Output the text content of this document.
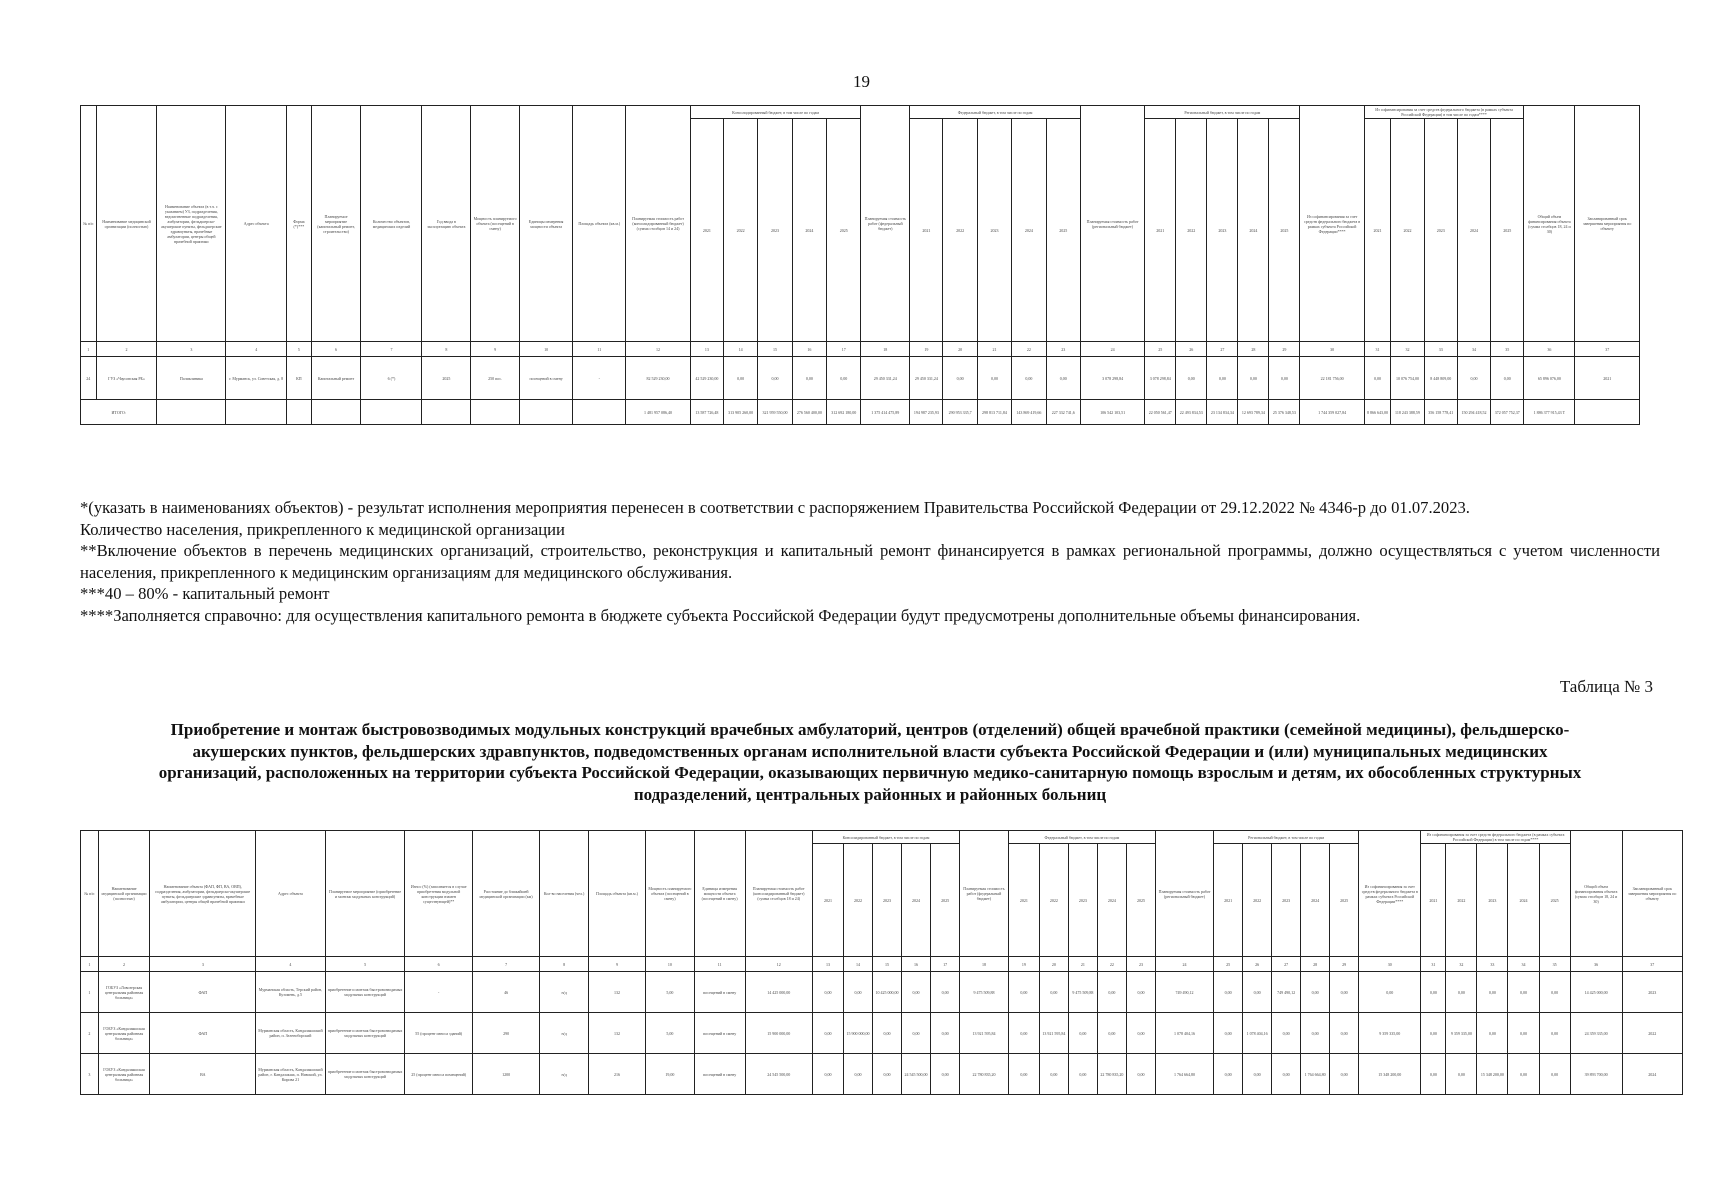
19
№ п/п	Наименование медицинской организации (полностью)	Наименование объекта (в т.ч. с указанием) УЗ, подразделения, ведомственные подразделения, амбулатории, фельдшерско-акушерские пункты, фельдшерские здравпункты, врачебные амбулатории, центры общей врачебной практики	Адрес объекта	Форма (*)***	Планируемое мероприятие (капитальный ремонт, строительство)	Количество объектов, медицинских изделий	Год ввода в эксплуатацию объекта	Мощность планируемого объекта (посещений в смену)	Единицы измерения мощности объекта	Площадь объекта (кв.м.)	Планируемая стоимость работ (консолидированный бюджет) (сумма столбцов 14 и 24)	Консолидированный бюджет, в том числе по годам					Планируемая стоимость работ (федеральный бюджет)	Федеральный бюджет, в том числе по годам					Планируемая стоимость работ (региональный бюджет)	Региональный бюджет, в том числе по годам					Из софинансирования за счет средств федерального бюджета в рамках субъекта Российской Федерации****	Из софинансирования за счет средств федерального бюджета (в рамках субъекта Российской Федерации) в том числе по годам****					Общий объем финансирования объекта (сумма столбцов 18, 24 и 30)	Запланированный срок завершения мероприятия по объекту
												2021	2022	2023	2024	2025		2021	2022	2023	2024	2025		2021	2022	2023	2024	2025		2021	2022	2023	2024	2025		
1	2	3	4	5	6	7	8	9	10	11	12	13	14	15	16	17	18	19	20	21	22	23	24	25	26	27	28	29	30	31	32	33	34	35	36	37
24	ГУЗ «Чаусовская РБ»	Поликлиника	г. Мурманск, ул. Советская, д. 8	КП	Капитальный ремонт	6 (*)	2025	250 пос.	посещений в смену	-	82 529 230,00	42 529 230,00	0,00	0,00	0,00	0,00	29 450 331,24	29 450 331,24	0,00	0,00	0,00	0,00	3 078 298,84	3 078 298,84	0,00	0,00	0,00	0,00	22 181 756,00	0,00	10 076 754,00	8 448 809,00	0,00	0,00	65 896 076,00	2021
ИТОГО:											1 481 957 086,40	13 587 726,48	313 905 260,00	321 959 550,00	276 560 400,00	312 692 180,00	1 375 414 475,89	194 987 235,93	290 953 335,7	298 813 711,84	143 869 419,66	227 332 741,6	106 542 103,51	22 050 561,47	22 493 834,53	23 134 834,34	12 693 789,34	25 376 348,53	1 744 359 027,84	8 866 643,00	118 243 388,59	356 158 778,41	150 294 418,52	372 057 752,37	1 886 377 915,43 Т	

*(указать в наименованиях объектов) - результат исполнения мероприятия перенесен в соответствии с распоряжением Правительства Российской Федерации от 29.12.2022 № 4346-р до 01.07.2023.

Количество населения, прикрепленного к медицинской организации

**Включение объектов в перечень медицинских организаций, строительство, реконструкция и капитальный ремонт финансируется в рамках региональной программы, должно осуществляться с учетом численности населения, прикрепленного к медицинским организациям для медицинского обслуживания.

***40 – 80% - капитальный ремонт

****Заполняется справочно: для осуществления капитального ремонта в бюджете субъекта Российской Федерации будут предусмотрены дополнительные объемы финансирования.

Таблица № 3
Приобретение и монтаж быстровозводимых модульных конструкций врачебных амбулаторий, центров (отделений) общей врачебной практики (семейной медицины), фельдшерско-акушерских пунктов, фельдшерских здравпунктов, подведомственных органам исполнительной власти субъекта Российской Федерации и (или) муниципальных медицинских организаций, расположенных на территории субъекта Российской Федерации, оказывающих первичную медико-санитарную помощь взрослым и детям, их обособленных структурных подразделений, центральных районных и районных больниц
№ п/п	Наименование медицинской организации (полностью)	Наименование объекта (ФАП, ФП, ВА, ОВП), подразделения, амбулатории, фельдшерско-акушерские пункты, фельдшерские здравпункты, врачебные амбулатории, центры общей врачебной практики	Адрес объекта	Планируемое мероприятие (приобретение и монтаж модульных конструкций)	Износ (%) (заполняется в случае приобретения модульной конструкции взамен существующей)**	Расстояние до ближайшей медицинской организации (км)	Кол-во населения (чел.)	Площадь объекта (кв.м.)	Мощность планируемого объекта (посещений в смену)	Единицы измерения мощности объекта (посещений в смену)	Планируемая стоимость работ (консолидированный бюджет) (сумма столбцов 18 и 24)	Консолидированный бюджет, в том числе по годам					Планируемая стоимость работ (федеральный бюджет)	Федеральный бюджет, в том числе по годам					Планируемая стоимость работ (региональный бюджет)	Региональный бюджет, в том числе по годам					Из софинансирования за счет средств федерального бюджета в рамках субъекта Российской Федерации****	Из софинансирования за счет средств федерального бюджета (в рамках субъекта Российской Федерации) в том числе по годам****					Общий объем финансирования объекта (сумма столбцов 18, 24 и 30)	Запланированный срок завершения мероприятия по объекту
												2021	2022	2023	2024	2025		2021	2022	2023	2024	2025		2021	2022	2023	2024	2025		2021	2022	2023	2024	2025		
1	2	3	4	5	6	7	8	9	10	11	12	13	14	15	16	17	18	19	20	21	22	23	24	25	26	27	28	29	30	31	32	33	34	35	36	37
1	ГОБУЗ «Ловозерская центральная районная больница»	ФАП	Мурманская область, Терский район, Кузомень, д.5	приобретение и монтаж быстровозводимых модульных конструкций	-	46	н/д	132	5,00	посещений в смену	14 425 000,00	0,00	0,00	10 425 000,00	0,00	0,00	9 475 509,88	0,00	0,00	9 475 509,88	0,00	0,00	749 490,12	0,00	0,00	749 490,12	0,00	0,00	0,00	0,00	0,00	0,00	0,00	0,00	14 425 000,00	2023
2	ГОБУЗ «Кандалакшская центральная районная больница»	ФАП	Мурманская область, Кандалакшский район, п. Зеленоборский	приобретение и монтаж быстровозводимых модульных конструкций	55 (процент износа зданий)	290	н/д	132	5,00	посещений в смену	15 900 000,00	0,00	15 900 000,00	0,00	0,00	0,00	13 921 595,84	0,00	13 921 595,84	0,00	0,00	0,00	1 078 404,16	0,00	1 078 404,16	0,00	0,00	0,00	9 359 335,00	0,00	9 359 335,00	0,00	0,00	0,00	24 359 335,00	2022
3	ГОБУЗ «Кандалакшская центральная районная больница»	ВА	Мурманская область, Кандалакшский район, г. Кандалакша, п. Нивский, ул. Кирова 21	приобретение и монтаж быстровозводимых модульных конструкций	25 (процент износа помещений)	1200	н/д	216	19,00	посещений в смену	24 545 500,00	0,00	0,00	0,00	24 545 500,00	0,00	22 780 835,20	0,00	0,00	0,00	22 780 835,20	0,00	1 764 664,80	0,00	0,00	0,00	1 764 664,80	0,00	15 348 200,00	0,00	0,00	15 348 200,00	0,00	0,00	39 893 700,00	2024
